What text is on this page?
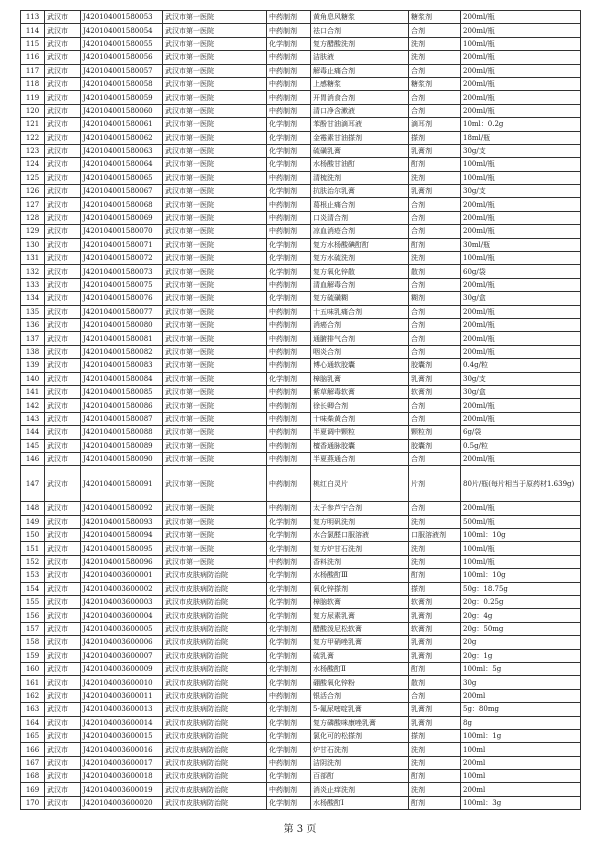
113	武汉市	J420104001580053	武汉市第一医院	中药制剂	黄角息风糖浆	糖浆剂	200ml/瓶
114	武汉市	J420104001580054	武汉市第一医院	中药制剂	祛口合剂	合剂	200ml/瓶
115	武汉市	J420104001580055	武汉市第一医院	化学制剂	复方醋酸洗剂	洗剂	100ml/瓶
116	武汉市	J420104001580056	武汉市第一医院	中药制剂	洁肤液	洗剂	200ml/瓶
117	武汉市	J420104001580057	武汉市第一医院	中药制剂	解毒止痛合剂	合剂	200ml/瓶
118	武汉市	J420104001580058	武汉市第一医院	中药制剂	上感糖浆	糖浆剂	200ml/瓶
119	武汉市	J420104001580059	武汉市第一医院	中药制剂	开胃消食合剂	合剂	200ml/瓶
120	武汉市	J420104001580060	武汉市第一医院	中药制剂	清口净含漱液	合剂	200ml/瓶
121	武汉市	J420104001580061	武汉市第一医院	化学制剂	苯酚甘油滴耳液	滴耳剂	10ml：0.2g
122	武汉市	J420104001580062	武汉市第一医院	化学制剂	金霉素甘油搽剂	搽剂	18ml/瓶
123	武汉市	J420104001580063	武汉市第一医院	化学制剂	硫磺乳膏	乳膏剂	30g/支
124	武汉市	J420104001580064	武汉市第一医院	化学制剂	水杨酸甘油酊	酊剂	100ml/瓶
125	武汉市	J420104001580065	武汉市第一医院	中药制剂	清梳洗剂	洗剂	100ml/瓶
126	武汉市	J420104001580067	武汉市第一医院	化学制剂	抗肤治尔乳膏	乳膏剂	30g/支
127	武汉市	J420104001580068	武汉市第一医院	中药制剂	葛根止痛合剂	合剂	200ml/瓶
128	武汉市	J420104001580069	武汉市第一医院	中药制剂	口炎清合剂	合剂	200ml/瓶
129	武汉市	J420104001580070	武汉市第一医院	中药制剂	凉血消疮合剂	合剂	200ml/瓶
130	武汉市	J420104001580071	武汉市第一医院	化学制剂	复方水杨酸碘酊酊	酊剂	30ml/瓶
131	武汉市	J420104001580072	武汉市第一医院	化学制剂	复方水硫洗剂	洗剂	100ml/瓶
132	武汉市	J420104001580073	武汉市第一医院	化学制剂	复方氧化锌散	散剂	60g/袋
133	武汉市	J420104001580075	武汉市第一医院	中药制剂	清血解毒合剂	合剂	200ml/瓶
134	武汉市	J420104001580076	武汉市第一医院	化学制剂	复方硫磺糊	糊剂	30g/盒
135	武汉市	J420104001580077	武汉市第一医院	中药制剂	十五味乳痛合剂	合剂	200ml/瓶
136	武汉市	J420104001580080	武汉市第一医院	中药制剂	消癌合剂	合剂	200ml/瓶
137	武汉市	J420104001580081	武汉市第一医院	中药制剂	通腑排气合剂	合剂	200ml/瓶
138	武汉市	J420104001580082	武汉市第一医院	中药制剂	咽炎合剂	合剂	200ml/瓶
139	武汉市	J420104001580083	武汉市第一医院	中药制剂	博心通软胶囊	胶囊剂	0.4g/粒
140	武汉市	J420104001580084	武汉市第一医院	化学制剂	樟脑乳膏	乳膏剂	30g/支
141	武汉市	J420104001580085	武汉市第一医院	中药制剂	紫草解毒软膏	软膏剂	30g/盒
142	武汉市	J420104001580086	武汉市第一医院	中药制剂	徐长卿合剂	合剂	200ml/瓶
143	武汉市	J420104001580087	武汉市第一医院	中药制剂	十味柴黄合剂	合剂	200ml/瓶
144	武汉市	J420104001580088	武汉市第一医院	中药制剂	半夏调中颗粒	颗粒剂	6g/袋
145	武汉市	J420104001580089	武汉市第一医院	中药制剂	檀香通脉胶囊	胶囊剂	0.5g/粒
146	武汉市	J420104001580090	武汉市第一医院	中药制剂	半夏燕通合剂	合剂	200ml/瓶
147	武汉市	J420104001580091	武汉市第一医院	中药制剂	桃红白灵片	片剂	80片/瓶(每片相当于原药材1.639g)
148	武汉市	J420104001580092	武汉市第一医院	中药制剂	太子参芦宁合剂	合剂	200ml/瓶
149	武汉市	J420104001580093	武汉市第一医院	化学制剂	复方明矾洗剂	洗剂	500ml/瓶
150	武汉市	J420104001580094	武汉市第一医院	化学制剂	水合氯醛口服溶液	口服溶液剂	100ml：10g
151	武汉市	J420104001580095	武汉市第一医院	化学制剂	复方炉甘石洗剂	洗剂	100ml/瓶
152	武汉市	J420104001580096	武汉市第一医院	中药制剂	香料洗剂	洗剂	100ml/瓶
153	武汉市	J420104003600001	武汉市皮肤病防治院	化学制剂	水杨酸酊Ⅲ	酊剂	100ml：10g
154	武汉市	J420104003600002	武汉市皮肤病防治院	化学制剂	氧化锌搽剂	搽剂	50g：18.75g
155	武汉市	J420104003600003	武汉市皮肤病防治院	化学制剂	樟脑软膏	软膏剂	20g：0.25g
156	武汉市	J420104003600004	武汉市皮肤病防治院	化学制剂	复方尿素乳膏	乳膏剂	20g：4g
157	武汉市	J420104003600005	武汉市皮肤病防治院	化学制剂	醋酸泼尼松软膏	软膏剂	20g：50mg
158	武汉市	J420104003600006	武汉市皮肤病防治院	化学制剂	复方甲硝唑乳膏	乳膏剂	20g
159	武汉市	J420104003600007	武汉市皮肤病防治院	化学制剂	硫乳膏	乳膏剂	20g：1g
160	武汉市	J420104003600009	武汉市皮肤病防治院	化学制剂	水杨酸酊Ⅱ	酊剂	100ml：5g
161	武汉市	J420104003600010	武汉市皮肤病防治院	化学制剂	硼酸氧化锌粉	散剂	30g
162	武汉市	J420104003600011	武汉市皮肤病防治院	中药制剂	银活合剂	合剂	200ml
163	武汉市	J420104003600013	武汉市皮肤病防治院	化学制剂	5-氟尿嘧啶乳膏	乳膏剂	5g：80mg
164	武汉市	J420104003600014	武汉市皮肤病防治院	化学制剂	复方磷酸咪康唑乳膏	乳膏剂	8g
165	武汉市	J420104003600015	武汉市皮肤病防治院	化学制剂	氯化可的松搽剂	搽剂	100ml：1g
166	武汉市	J420104003600016	武汉市皮肤病防治院	化学制剂	炉甘石洗剂	洗剂	100ml
167	武汉市	J420104003600017	武汉市皮肤病防治院	中药制剂	洁阴洗剂	洗剂	200ml
168	武汉市	J420104003600018	武汉市皮肤病防治院	化学制剂	百部酊	酊剂	100ml
169	武汉市	J420104003600019	武汉市皮肤病防治院	中药制剂	消炎止痒洗剂	洗剂	200ml
170	武汉市	J420104003600020	武汉市皮肤病防治院	化学制剂	水杨酸酊Ⅰ	酊剂	100ml：3g
第 3 页
